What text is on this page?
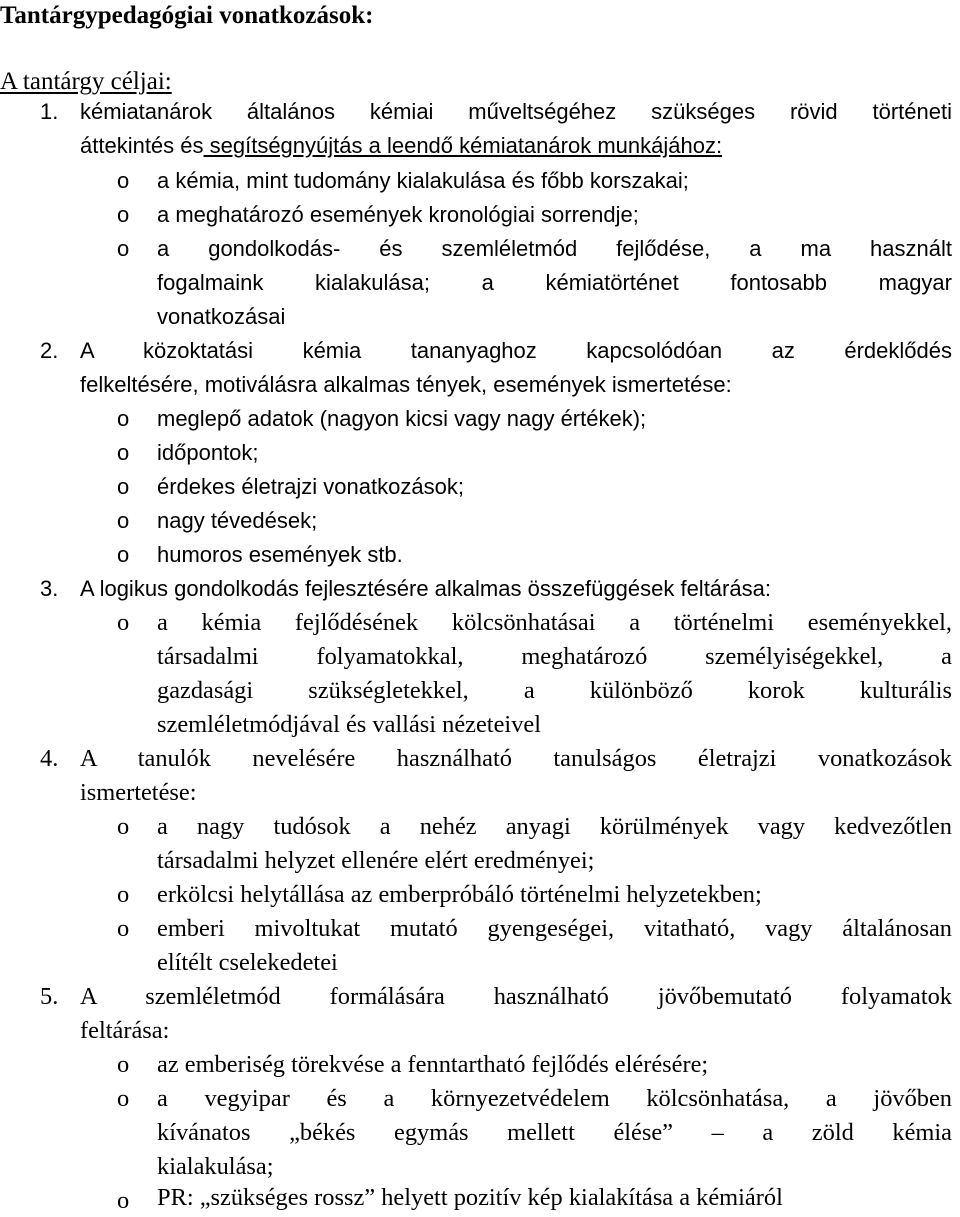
Tantárgypedagógiai vonatkozások:
A tantárgy céljai:
1. kémiatanárok általános kémiai műveltségéhez szükséges rövid történeti
áttekintés és segítségnyújtás a leendő kémiatanárok munkájához:
o a kémia, mint tudomány kialakulása és főbb korszakai;
o a meghatározó események kronológiai sorrendje;
o a gondolkodás- és szemléletmód fejlődése, a ma használt
fogalmaink kialakulása; a kémiatörténet fontosabb magyar
vonatkozásai
2. A közoktatási kémia tananyaghoz kapcsolódóan az érdeklődés
felkeltésére, motiválásra alkalmas tények, események ismertetése:
o meglepő adatok (nagyon kicsi vagy nagy értékek);
o időpontok;
o érdekes életrajzi vonatkozások;
o nagy tévedések;
o humoros események stb.
3. A logikus gondolkodás fejlesztésére alkalmas összefüggések feltárása:
o a kémia fejlődésének kölcsönhatásai a történelmi eseményekkel,
társadalmi folyamatokkal, meghatározó személyiségekkel, a
gazdasági szükségletekkel, a különböző korok kulturális
szemléletmódjával és vallási nézeteivel
4. A tanulók nevelésére használható tanulságos életrajzi vonatkozások
ismertetése:
o a nagy tudósok a nehéz anyagi körülmények vagy kedvezőtlen
társadalmi helyzet ellenére elért eredményei;
o erkölcsi helytállása az emberpróbáló történelmi helyzetekben;
o emberi mivoltukat mutató gyengeségei, vitatható, vagy általánosan
elítélt cselekedetei
5. A szemléletmód formálására használható jövőbemutató folyamatok
feltárása:
o az emberiség törekvése a fenntartható fejlődés elérésére;
o a vegyipar és a környezetvédelem kölcsönhatása, a jövőben
kívánatos „békés egymás mellett élése” – a zöld kémia
kialakulása;
o PR: „szükséges rossz” helyett pozitív kép kialakítása a kémiáról
